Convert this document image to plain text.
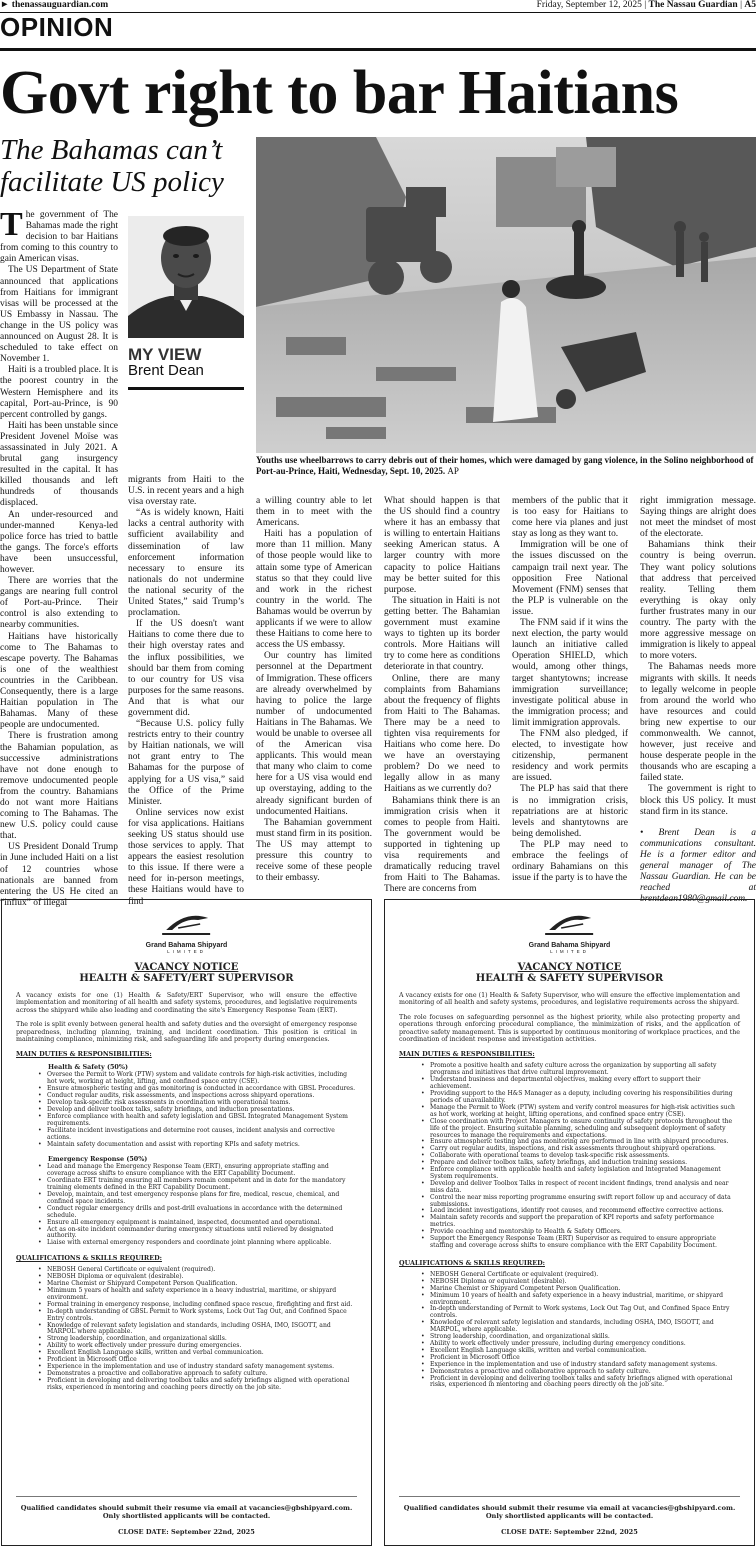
► thenassauguardian.com	Friday, September 12, 2025 | The Nassau Guardian | A5
OPINION
Govt right to bar Haitians
The Bahamas can’t facilitate US policy
Youths use wheelbarrows to carry debris out of their homes, which were damaged by gang violence, in the Solino neighborhood of Port-au-Prince, Haiti, Wednesday, Sept. 10, 2025. AP
MY VIEW
Brent Dean

The government of The Bahamas made the right decision to bar Haitians from coming to this country to gain American visas.

The US Department of State announced that applications from Haitians for immigrant visas will be processed at the US Embassy in Nassau. The change in the US policy was announced on August 28. It is scheduled to take effect on November 1.

Haiti is a troubled place. It is the poorest country in the Western Hemisphere and its capital, Port-au-Prince, is 90 percent controlled by gangs.

Haiti has been unstable since President Jovenel Moïse was assassinated in July 2021. A brutal gang insurgency resulted in the capital. It has killed thousands and left hundreds of thousands displaced.

An under-resourced and under-manned Kenya-led police force has tried to battle the gangs. The force's efforts have been unsuccessful, however.

There are worries that the gangs are nearing full control of Port-au-Prince. Their control is also extending to nearby communities.

Haitians have historically come to The Bahamas to escape poverty. The Bahamas is one of the wealthiest countries in the Caribbean. Consequently, there is a large Haitian population in The Bahamas. Many of these people are undocumented.

There is frustration among the Bahamian population, as successive administrations have not done enough to remove undocumented people from the country. Bahamians do not want more Haitians coming to The Bahamas. The new U.S. policy could cause that.

US President Donald Trump in June included Haiti on a list of 12 countries whose nationals are banned from entering the US He cited an “influx” of illegal

migrants from Haiti to the U.S. in recent years and a high visa overstay rate.

“As is widely known, Haiti lacks a central authority with sufficient availability and dissemination of law enforcement information necessary to ensure its nationals do not undermine the national security of the United States,” said Trump’s proclamation.

If the US doesn't want Haitians to come there due to their high overstay rates and the influx possibilities, we should bar them from coming to our country for US visa purposes for the same reasons. And that is what our government did.

“Because U.S. policy fully restricts entry to their country by Haitian nationals, we will not grant entry to The Bahamas for the purpose of applying for a US visa,” said the Office of the Prime Minister.

Online services now exist for visa applications. Haitians seeking US status should use those services to apply. That appears the easiest resolution to this issue. If there were a need for in-person meetings, these Haitians would have to find

a willing country able to let them in to meet with the Americans.

Haiti has a population of more than 11 million. Many of those people would like to attain some type of American status so that they could live and work in the richest country in the world. The Bahamas would be overrun by applicants if we were to allow these Haitians to come here to access the US embassy.

Our country has limited personnel at the Department of Immigration. These officers are already overwhelmed by having to police the large number of undocumented Haitians in The Bahamas. We would be unable to oversee all of the American visa applicants. This would mean that many who claim to come here for a US visa would end up overstaying, adding to the already significant burden of undocumented Haitians.

The Bahamian government must stand firm in its position. The US may attempt to pressure this country to receive some of these people to their embassy.

What should happen is that the US should find a country where it has an embassy that is willing to entertain Haitians seeking American status. A larger country with more capacity to police Haitians may be better suited for this purpose.

The situation in Haiti is not getting better. The Bahamian government must examine ways to tighten up its border controls. More Haitians will try to come here as conditions deteriorate in that country.

Online, there are many complaints from Bahamians about the frequency of flights from Haiti to The Bahamas. There may be a need to tighten visa requirements for Haitians who come here. Do we have an overstaying problem? Do we need to legally allow in as many Haitians as we currently do?

Bahamians think there is an immigration crisis when it comes to people from Haiti. The government would be supported in tightening up visa requirements and dramatically reducing travel from Haiti to The Bahamas. There are concerns from

members of the public that it is too easy for Haitians to come here via planes and just stay as long as they want to.

Immigration will be one of the issues discussed on the campaign trail next year. The opposition Free National Movement (FNM) senses that the PLP is vulnerable on the issue.

The FNM said if it wins the next election, the party would launch an initiative called Operation SHIELD, which would, among other things, target shantytowns; increase immigration surveillance; investigate political abuse in the immigration process; and limit immigration approvals.

The FNM also pledged, if elected, to investigate how citizenship, permanent residency and work permits are issued.

The PLP has said that there is no immigration crisis, repatriations are at historic levels and shantytowns are being demolished.

The PLP may need to embrace the feelings of ordinary Bahamians on this issue if the party is to have the

right immigration message. Saying things are alright does not meet the mindset of most of the electorate.

Bahamians think their country is being overrun. They want policy solutions that address that perceived reality. Telling them everything is okay only further frustrates many in our country. The party with the more aggressive message on immigration is likely to appeal to more voters.

The Bahamas needs more migrants with skills. It needs to legally welcome in people from around the world who have resources and could bring new expertise to our commonwealth. We cannot, however, just receive and house desperate people in the thousands who are escaping a failed state.

The government is right to block this US policy. It must stand firm in its stance.

• Brent Dean is a communications consultant. He is a former editor and general manager of The Nassau Guardian. He can be reached at brentdean1980@gmail.com.

Grand Bahama Shipyard
LIMITED
VACANCY NOTICE
HEALTH & SAFETY/ERT SUPERVISOR
A vacancy exists for one (1) Health & Safety/ERT Supervisor, who will ensure the effective implementation and monitoring of all health and safety systems, procedures, and legislative requirements across the shipyard while also leading and coordinating the site's Emergency Response Team (ERT).
The role is split evenly between general health and safety duties and the oversight of emergency response preparedness, including planning, training, and incident coordination. This position is critical in maintaining compliance, minimizing risk, and safeguarding life and property during emergencies.
MAIN DUTIES & RESPONSIBILITIES:
Health & Safety (50%)
• Oversee the Permit to Work (PTW) system and validate controls for high-risk activities, including hot work, working at height, lifting, and confined space entry (CSE).
• Ensure atmospheric testing and gas monitoring is conducted in accordance with GBSL Procedures.
• Conduct regular audits, risk assessments, and inspections across shipyard operations.
• Develop task-specific risk assessments in coordination with operational teams.
• Develop and deliver toolbox talks, safety briefings, and induction presentations.
• Enforce compliance with health and safety legislation and GBSL Integrated Management System requirements.
• Facilitate incident investigations and determine root causes, incident analysis and corrective actions.
• Maintain safety documentation and assist with reporting KPIs and safety metrics.
Emergency Response (50%)
• Lead and manage the Emergency Response Team (ERT), ensuring appropriate staffing and coverage across shifts to ensure compliance with the ERT Capability Document.
• Coordinate ERT training ensuring all members remain competent and in date for the mandatory training elements defined in the ERT Capability Document.
• Develop, maintain, and test emergency response plans for fire, medical, rescue, chemical, and confined space incidents.
• Conduct regular emergency drills and post-drill evaluations in accordance with the determined schedule.
• Ensure all emergency equipment is maintained, inspected, documented and operational.
• Act as on-site incident commander during emergency situations until relieved by designated authority.
• Liaise with external emergency responders and coordinate joint planning where applicable.
QUALIFICATIONS & SKILLS REQUIRED:
• NEBOSH General Certificate or equivalent (required).
• NEBOSH Diploma or equivalent (desirable).
• Marine Chemist or Shipyard Competent Person Qualification.
• Minimum 5 years of health and safety experience in a heavy industrial, maritime, or shipyard environment.
• Formal training in emergency response, including confined space rescue, firefighting and first aid.
• In-depth understanding of GBSL Permit to Work systems, Lock Out Tag Out, and Confined Space Entry controls.
• Knowledge of relevant safety legislation and standards, including OSHA, IMO, ISGOTT, and MARPOL where applicable.
• Strong leadership, coordination, and organizational skills.
• Ability to work effectively under pressure during emergencies.
• Excellent English Language skills, written and verbal communication.
• Proficient in Microsoft Office
• Experience in the implementation and use of industry standard safety management systems.
• Demonstrates a proactive and collaborative approach to safety culture.
• Proficient in developing and delivering toolbox talks and safety briefings aligned with operational risks, experienced in mentoring and coaching peers directly on the job site.
Qualified candidates should submit their resume via email at vacancies@gbshipyard.com.
Only shortlisted applicants will be contacted.
CLOSE DATE: September 22nd, 2025
Grand Bahama Shipyard
LIMITED
VACANCY NOTICE
HEALTH & SAFETY SUPERVISOR
A vacancy exists for one (1) Health & Safety Supervisor, who will ensure the effective implementation and monitoring of all health and safety systems, procedures, and legislative requirements across the shipyard.
The role focuses on safeguarding personnel as the highest priority, while also protecting property and operations through enforcing procedural compliance, the minimization of risks, and the application of proactive safety management. This is supported by continuous monitoring of workplace practices, and the coordination of incident response and investigation activities.
MAIN DUTIES & RESPONSIBILITIES:
• Promote a positive health and safety culture across the organization by supporting all safety programs and initiatives that drive cultural improvement.
• Understand business and departmental objectives, making every effort to support their achievement.
• Providing support to the H&S Manager as a deputy, including covering his responsibilities during periods of unavailability.
• Manage the Permit to Work (PTW) system and verify control measures for high-risk activities such as hot work, working at height, lifting operations, and confined space entry (CSE).
• Close coordination with Project Managers to ensure continuity of safety protocols throughout the life of the project. Ensuring suitable planning, scheduling and subsequent deployment of safety resources to manage the requirements and expectations.
• Ensure atmospheric testing and gas monitoring are performed in line with shipyard procedures.
• Carry out regular audits, inspections, and risk assessments throughout shipyard operations.
• Collaborate with operational teams to develop task-specific risk assessments.
• Prepare and deliver toolbox talks, safety briefings, and induction training sessions.
• Enforce compliance with applicable health and safety legislation and Integrated Management System requirements.
• Develop and deliver Toolbox Talks in respect of recent incident findings, trend analysis and near miss data.
• Control the near miss reporting programme ensuring swift report follow up and accuracy of data submissions.
• Lead incident investigations, identify root causes, and recommend effective corrective actions.
• Maintain safety records and support the preparation of KPI reports and safety performance metrics.
• Provide coaching and mentorship to Health & Safety Officers.
• Support the Emergency Response Team (ERT) Supervisor as required to ensure appropriate staffing and coverage across shifts to ensure compliance with the ERT Capability Document.
QUALIFICATIONS & SKILLS REQUIRED:
• NEBOSH General Certificate or equivalent (required).
• NEBOSH Diploma or equivalent (desirable).
• Marine Chemist or Shipyard Competent Person Qualification.
• Minimum 10 years of health and safety experience in a heavy industrial, maritime, or shipyard environment.
• In-depth understanding of Permit to Work systems, Lock Out Tag Out, and Confined Space Entry controls.
• Knowledge of relevant safety legislation and standards, including OSHA, IMO, ISGOTT, and MARPOL, where applicable.
• Strong leadership, coordination, and organizational skills.
• Ability to work effectively under pressure, including during emergency conditions.
• Excellent English Language skills, written and verbal communication.
• Proficient in Microsoft Office
• Experience in the implementation and use of industry standard safety management systems.
• Demonstrates a proactive and collaborative approach to safety culture.
• Proficient in developing and delivering toolbox talks and safety briefings aligned with operational risks, experienced in mentoring and coaching peers directly on the job site.
Qualified candidates should submit their resume via email at vacancies@gbshipyard.com.
Only shortlisted applicants will be contacted.
CLOSE DATE: September 22nd, 2025
